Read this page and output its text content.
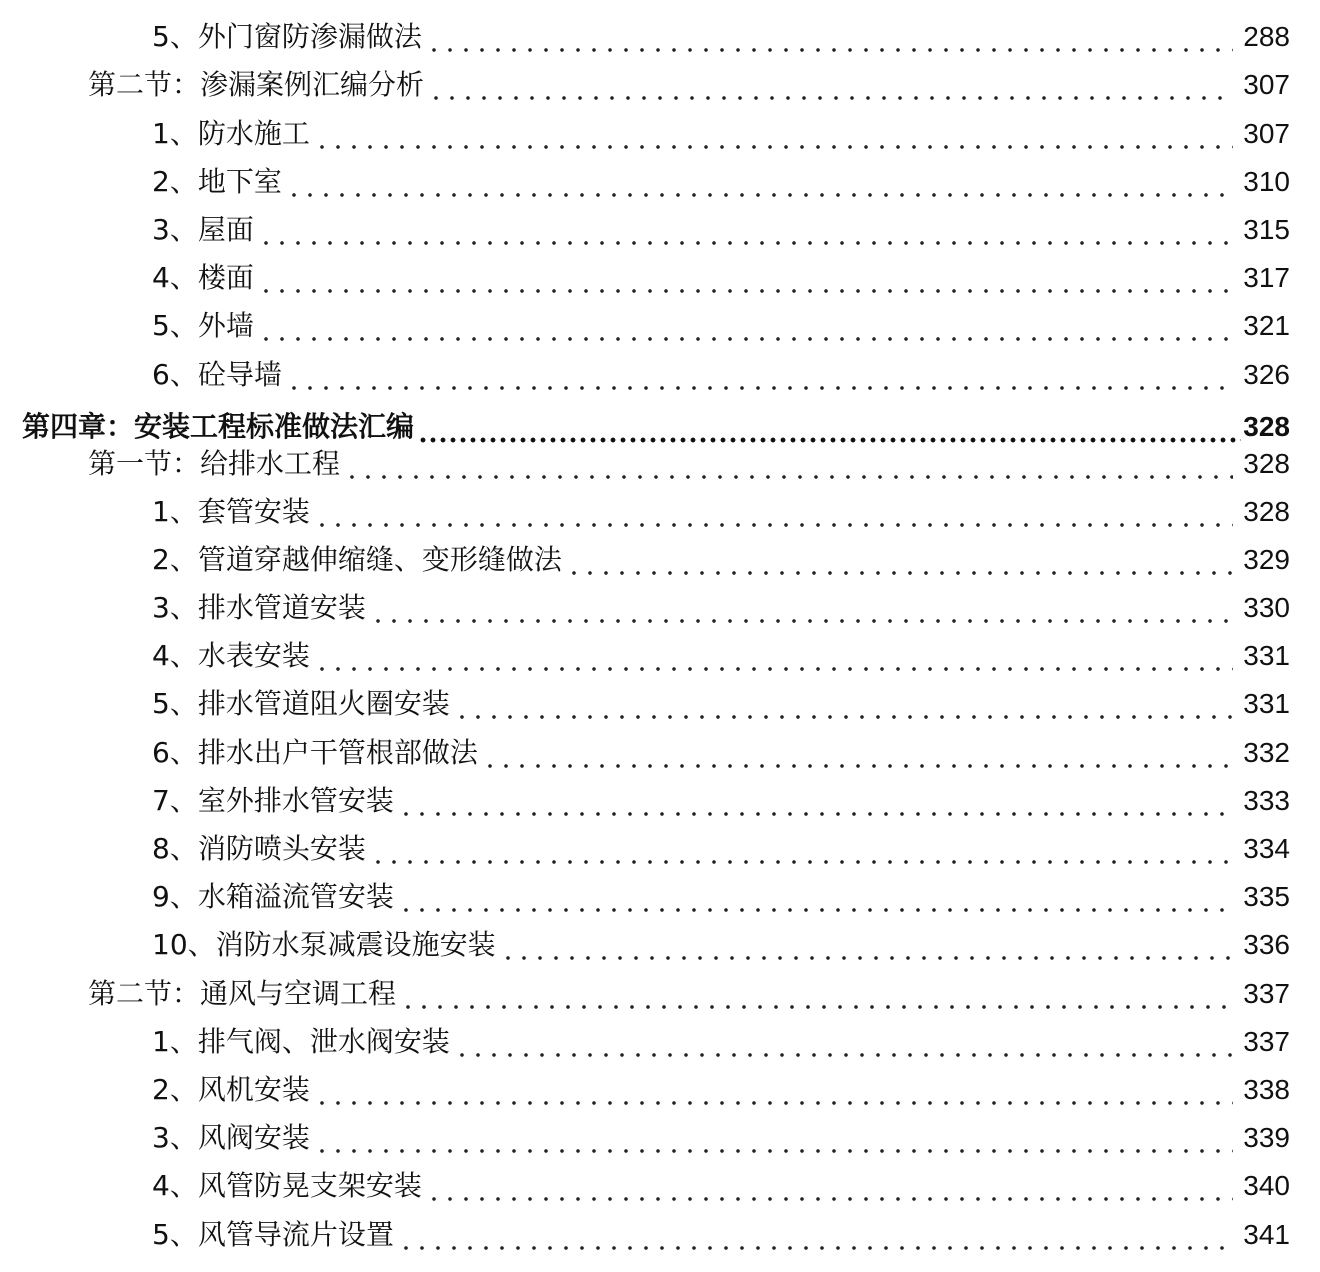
5、外门窗防渗漏做法	288
第二节：渗漏案例汇编分析	307
1、防水施工	307
2、地下室	310
3、屋面	315
4、楼面	317
5、外墙	321
6、砼导墙	326
第四章：安装工程标准做法汇编	328
第一节：给排水工程	328
1、套管安装	328
2、管道穿越伸缩缝、变形缝做法	329
3、排水管道安装	330
4、水表安装	331
5、排水管道阻火圈安装	331
6、排水出户干管根部做法	332
7、室外排水管安装	333
8、消防喷头安装	334
9、水箱溢流管安装	335
10、消防水泵减震设施安装	336
第二节：通风与空调工程	337
1、排气阀、泄水阀安装	337
2、风机安装	338
3、风阀安装	339
4、风管防晃支架安装	340
5、风管导流片设置	341
